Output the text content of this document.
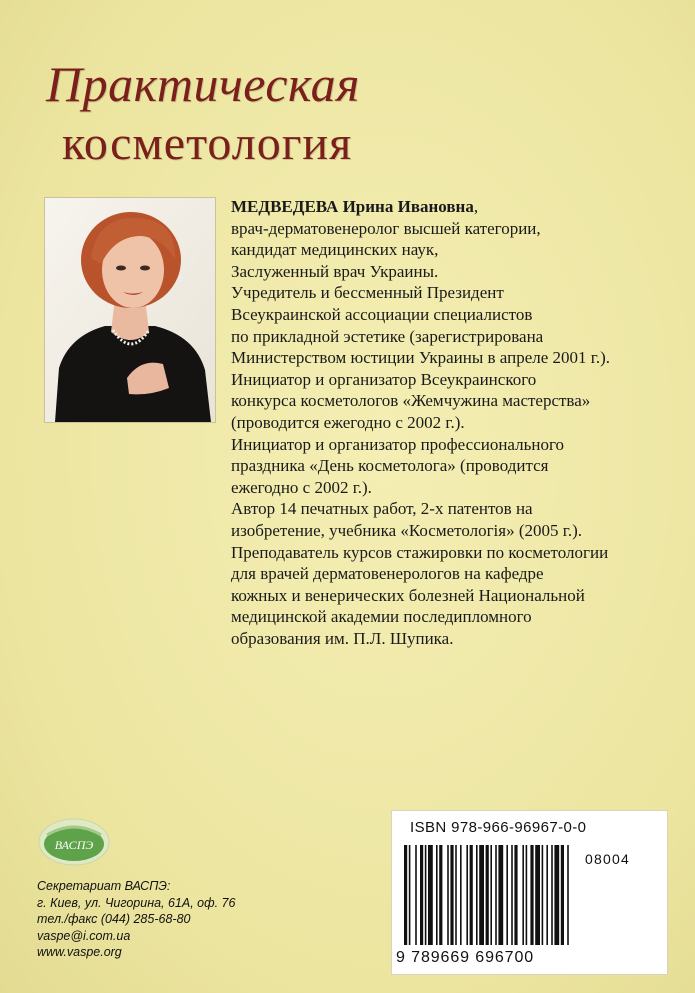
Практическая
косметология
МЕДВЕДЕВА Ирина Ивановна,
врач-дерматовенеролог высшей категории,
кандидат медицинских наук,
Заслуженный врач Украины.
Учредитель и бессменный Президент
Всеукраинской ассоциации специалистов
по прикладной эстетике (зарегистрирована
Министерством юстиции Украины в апреле 2001 г.).
Инициатор и организатор Всеукраинского
конкурса косметологов «Жемчужина мастерства»
(проводится ежегодно с 2002 г.).
Инициатор и организатор профессионального
праздника «День косметолога» (проводится
ежегодно с 2002 г.).
Автор 14 печатных работ, 2-х патентов на
изобретение, учебника «Косметологія» (2005 г.).
Преподаватель курсов стажировки по косметологии
для врачей дерматовенерологов на кафедре
кожных и венерических болезней Национальной
медицинской академии последипломного
образования им. П.Л. Шупика.
ВАСПЭ
Секретариат ВАСПЭ:
г. Киев, ул. Чигорина, 61А, оф. 76
тел./факс (044) 285-68-80
vaspe@i.com.ua
www.vaspe.org
ISBN 978-966-96967-0-0
08004
9 789669 696700
